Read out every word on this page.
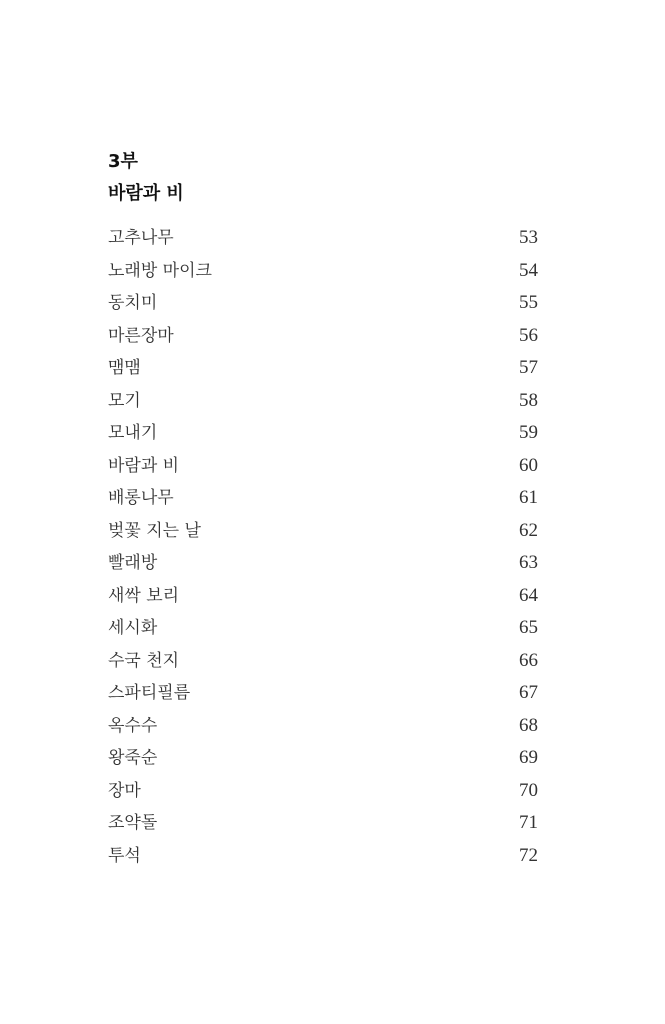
3부
바람과 비
고추나무	53
노래방 마이크	54
동치미	55
마른장마	56
맴맴	57
모기	58
모내기	59
바람과 비	60
배롱나무	61
벚꽃 지는 날	62
빨래방	63
새싹 보리	64
세시화	65
수국 천지	66
스파티필름	67
옥수수	68
왕죽순	69
장마	70
조약돌	71
투석	72
